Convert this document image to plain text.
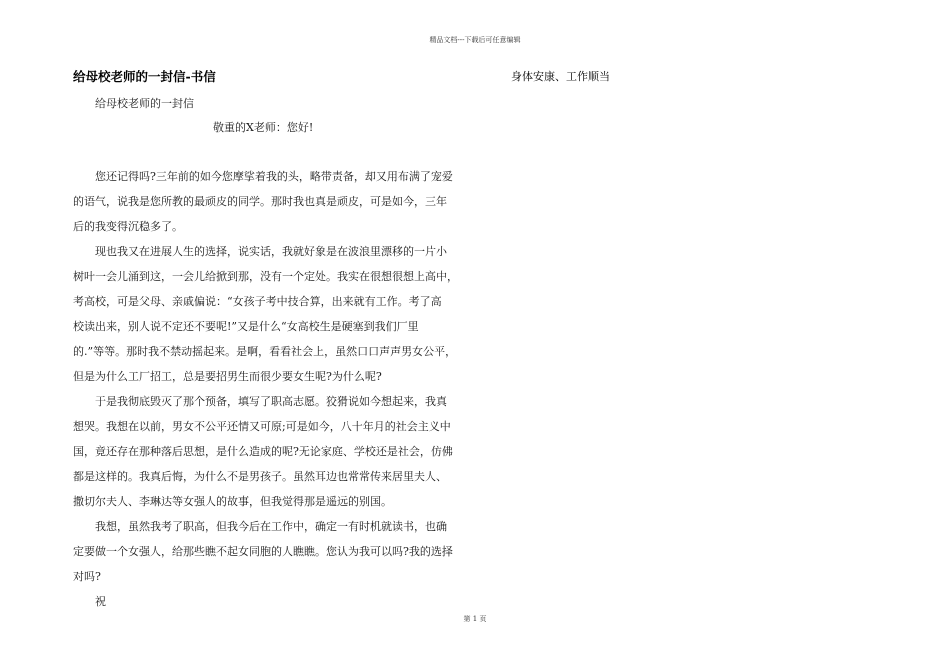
精品文档---下载后可任意编辑
给母校老师的一封信-书信	身体安康、工作顺当
给母校老师的一封信
敬重的X老师：您好!
您还记得吗?三年前的如今您摩挲着我的头，略带责备，却又用布满了宠爱
的语气，说我是您所教的最顽皮的同学。那时我也真是顽皮，可是如今，三年
后的我变得沉稳多了。
现也我又在进展人生的选择，说实话，我就好象是在波浪里漂移的一片小
树叶一会儿涌到这，一会儿给掀到那，没有一个定处。我实在很想很想上高中，
考高校，可是父母、亲戚偏说：“女孩子考中技合算，出来就有工作。考了高
校读出来，别人说不定还不要呢!”又是什么“女高校生是硬塞到我们厂里
的.”等等。那时我不禁动摇起来。是啊，看看社会上，虽然口口声声男女公平，
但是为什么工厂招工，总是要招男生而很少要女生呢?为什么呢?
于是我彻底毁灭了那个预备，填写了职高志愿。狡猾说如今想起来，我真
想哭。我想在以前，男女不公平还情又可原;可是如今，八十年月的社会主义中
国，竟还存在那种落后思想，是什么造成的呢?无论家庭、学校还是社会，仿佛
都是这样的。我真后悔，为什么不是男孩子。虽然耳边也常常传来居里夫人、
撒切尔夫人、李琳达等女强人的故事，但我觉得那是遥远的别国。
我想，虽然我考了职高，但我今后在工作中，确定一有时机就读书，也确
定要做一个女强人，给那些瞧不起女同胞的人瞧瞧。您认为我可以吗?我的选择
对吗?
祝
第 1 页
